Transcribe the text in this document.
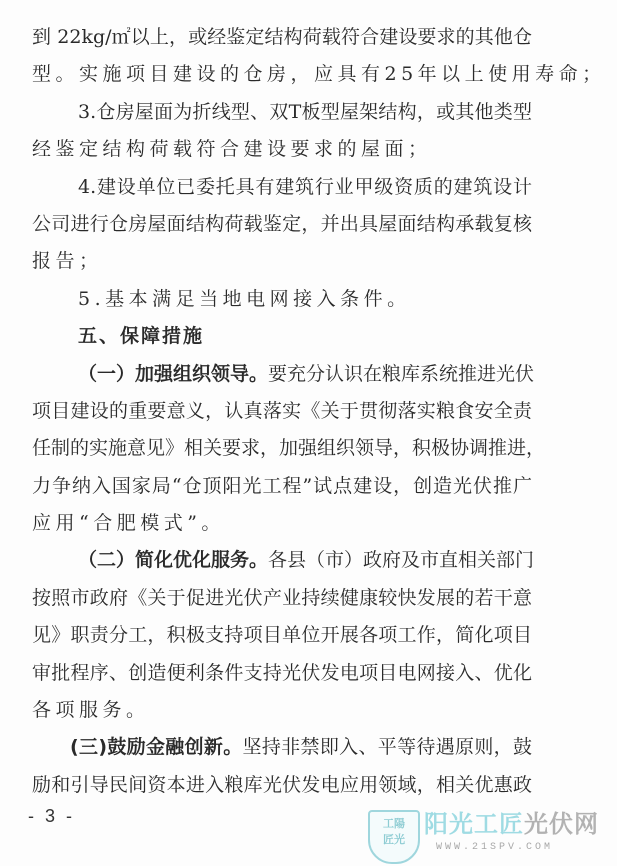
到 22kg/㎡以上，或经鉴定结构荷载符合建设要求的其他仓
型。实施项目建设的仓房，应具有25年以上使用寿命；
3.仓房屋面为折线型、双T板型屋架结构，或其他类型
经鉴定结构荷载符合建设要求的屋面；
4.建设单位已委托具有建筑行业甲级资质的建筑设计
公司进行仓房屋面结构荷载鉴定，并出具屋面结构承载复核
报告；
5.基本满足当地电网接入条件。
五、保障措施
（一）加强组织领导。要充分认识在粮库系统推进光伏
项目建设的重要意义，认真落实《关于贯彻落实粮食安全责
任制的实施意见》相关要求，加强组织领导，积极协调推进，
力争纳入国家局“仓顶阳光工程”试点建设，创造光伏推广
应用“合肥模式”。
（二）简化优化服务。各县（市）政府及市直相关部门
按照市政府《关于促进光伏产业持续健康较快发展的若干意
见》职责分工，积极支持项目单位开展各项工作，简化项目
审批程序、创造便利条件支持光伏发电项目电网接入、优化
各项服务。
(三)鼓励金融创新。坚持非禁即入、平等待遇原则，鼓
励和引导民间资本进入粮库光伏发电应用领域，相关优惠政
- 3 -	工陽
匠光
阳光工匠光伏网
WWW.21SPV.COM
